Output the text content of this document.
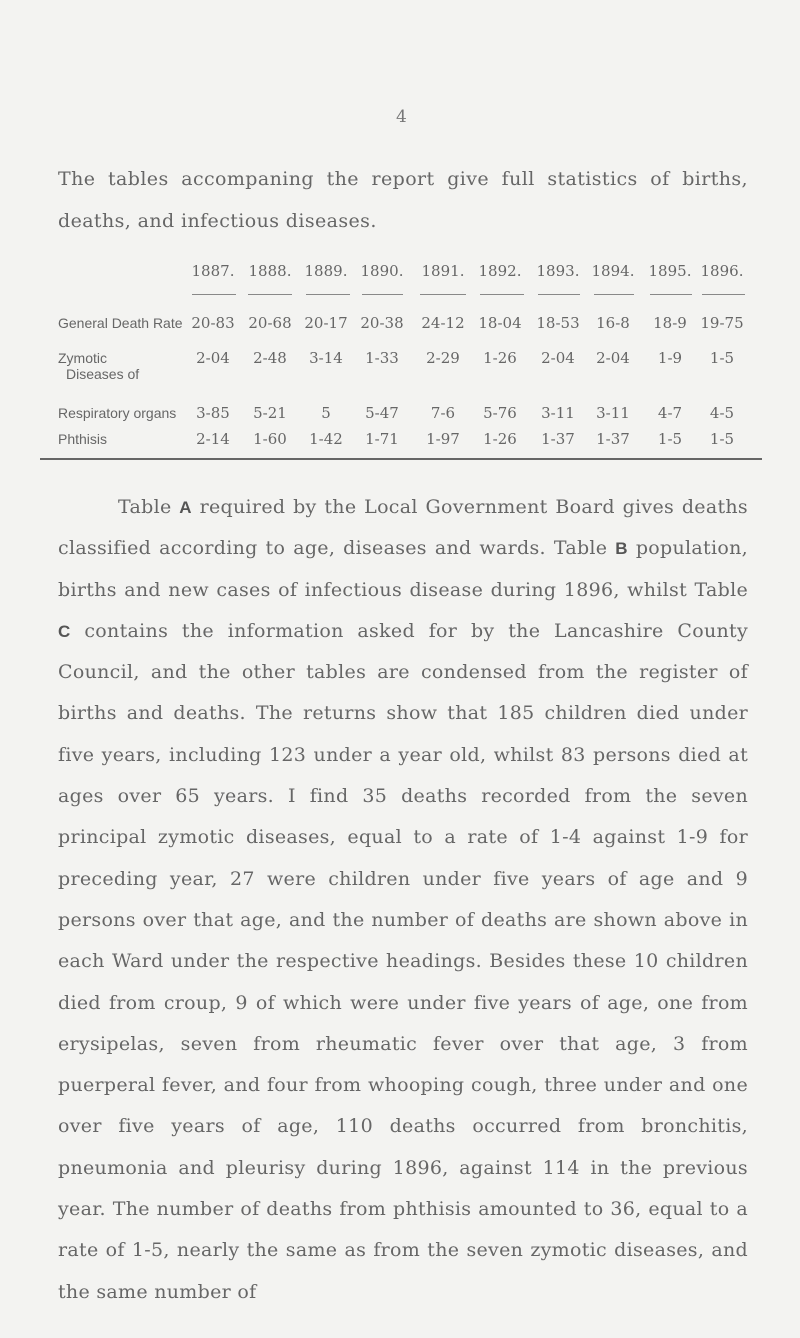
4

The tables accompaning the report give full statistics of births, deaths, and infectious diseases.

1887. 1888. 1889. 1890. 1891. 1892. 1893. 1894. 1895. 1896.
General Death Rate 20-83 20-68 20-17 20-38 24-12 18-04 18-53	16-8	18-9 19-75
Zymotic
Diseases of
2-04	2-48	3-14	1-33	2-29	1-26	2-04	2-04	1-9	1-5
Respiratory organs	3-85	5-21	5	5-47	7-6	5-76	3-11	3-11	4-7	4-5
Phthisis	2-14	1-60	1-42	1-71	1-97	1-26	1-37	1-37	1-5	1-5

Table A required by the Local Government Board gives deaths classified according to age, diseases and wards. Table B population, births and new cases of infectious disease during 1896, whilst Table C contains the information asked for by the Lancashire County Council, and the other tables are condensed from the register of births and deaths. The returns show that 185 children died under five years, including 123 under a year old, whilst 83 persons died at ages over 65 years. I find 35 deaths recorded from the seven principal zymotic diseases, equal to a rate of 1-4 against 1-9 for preceding year, 27 were children under five years of age and 9 persons over that age, and the number of deaths are shown above in each Ward under the respective headings. Besides these 10 children died from croup, 9 of which were under five years of age, one from erysipelas, seven from rheumatic fever over that age, 3 from puerperal fever, and four from whooping cough, three under and one over five years of age, 110 deaths occurred from bronchitis, pneumonia and pleurisy during 1896, against 114 in the previous year. The number of deaths from phthisis amounted to 36, equal to a rate of 1-5, nearly the same as from the seven zymotic diseases, and the same number of
